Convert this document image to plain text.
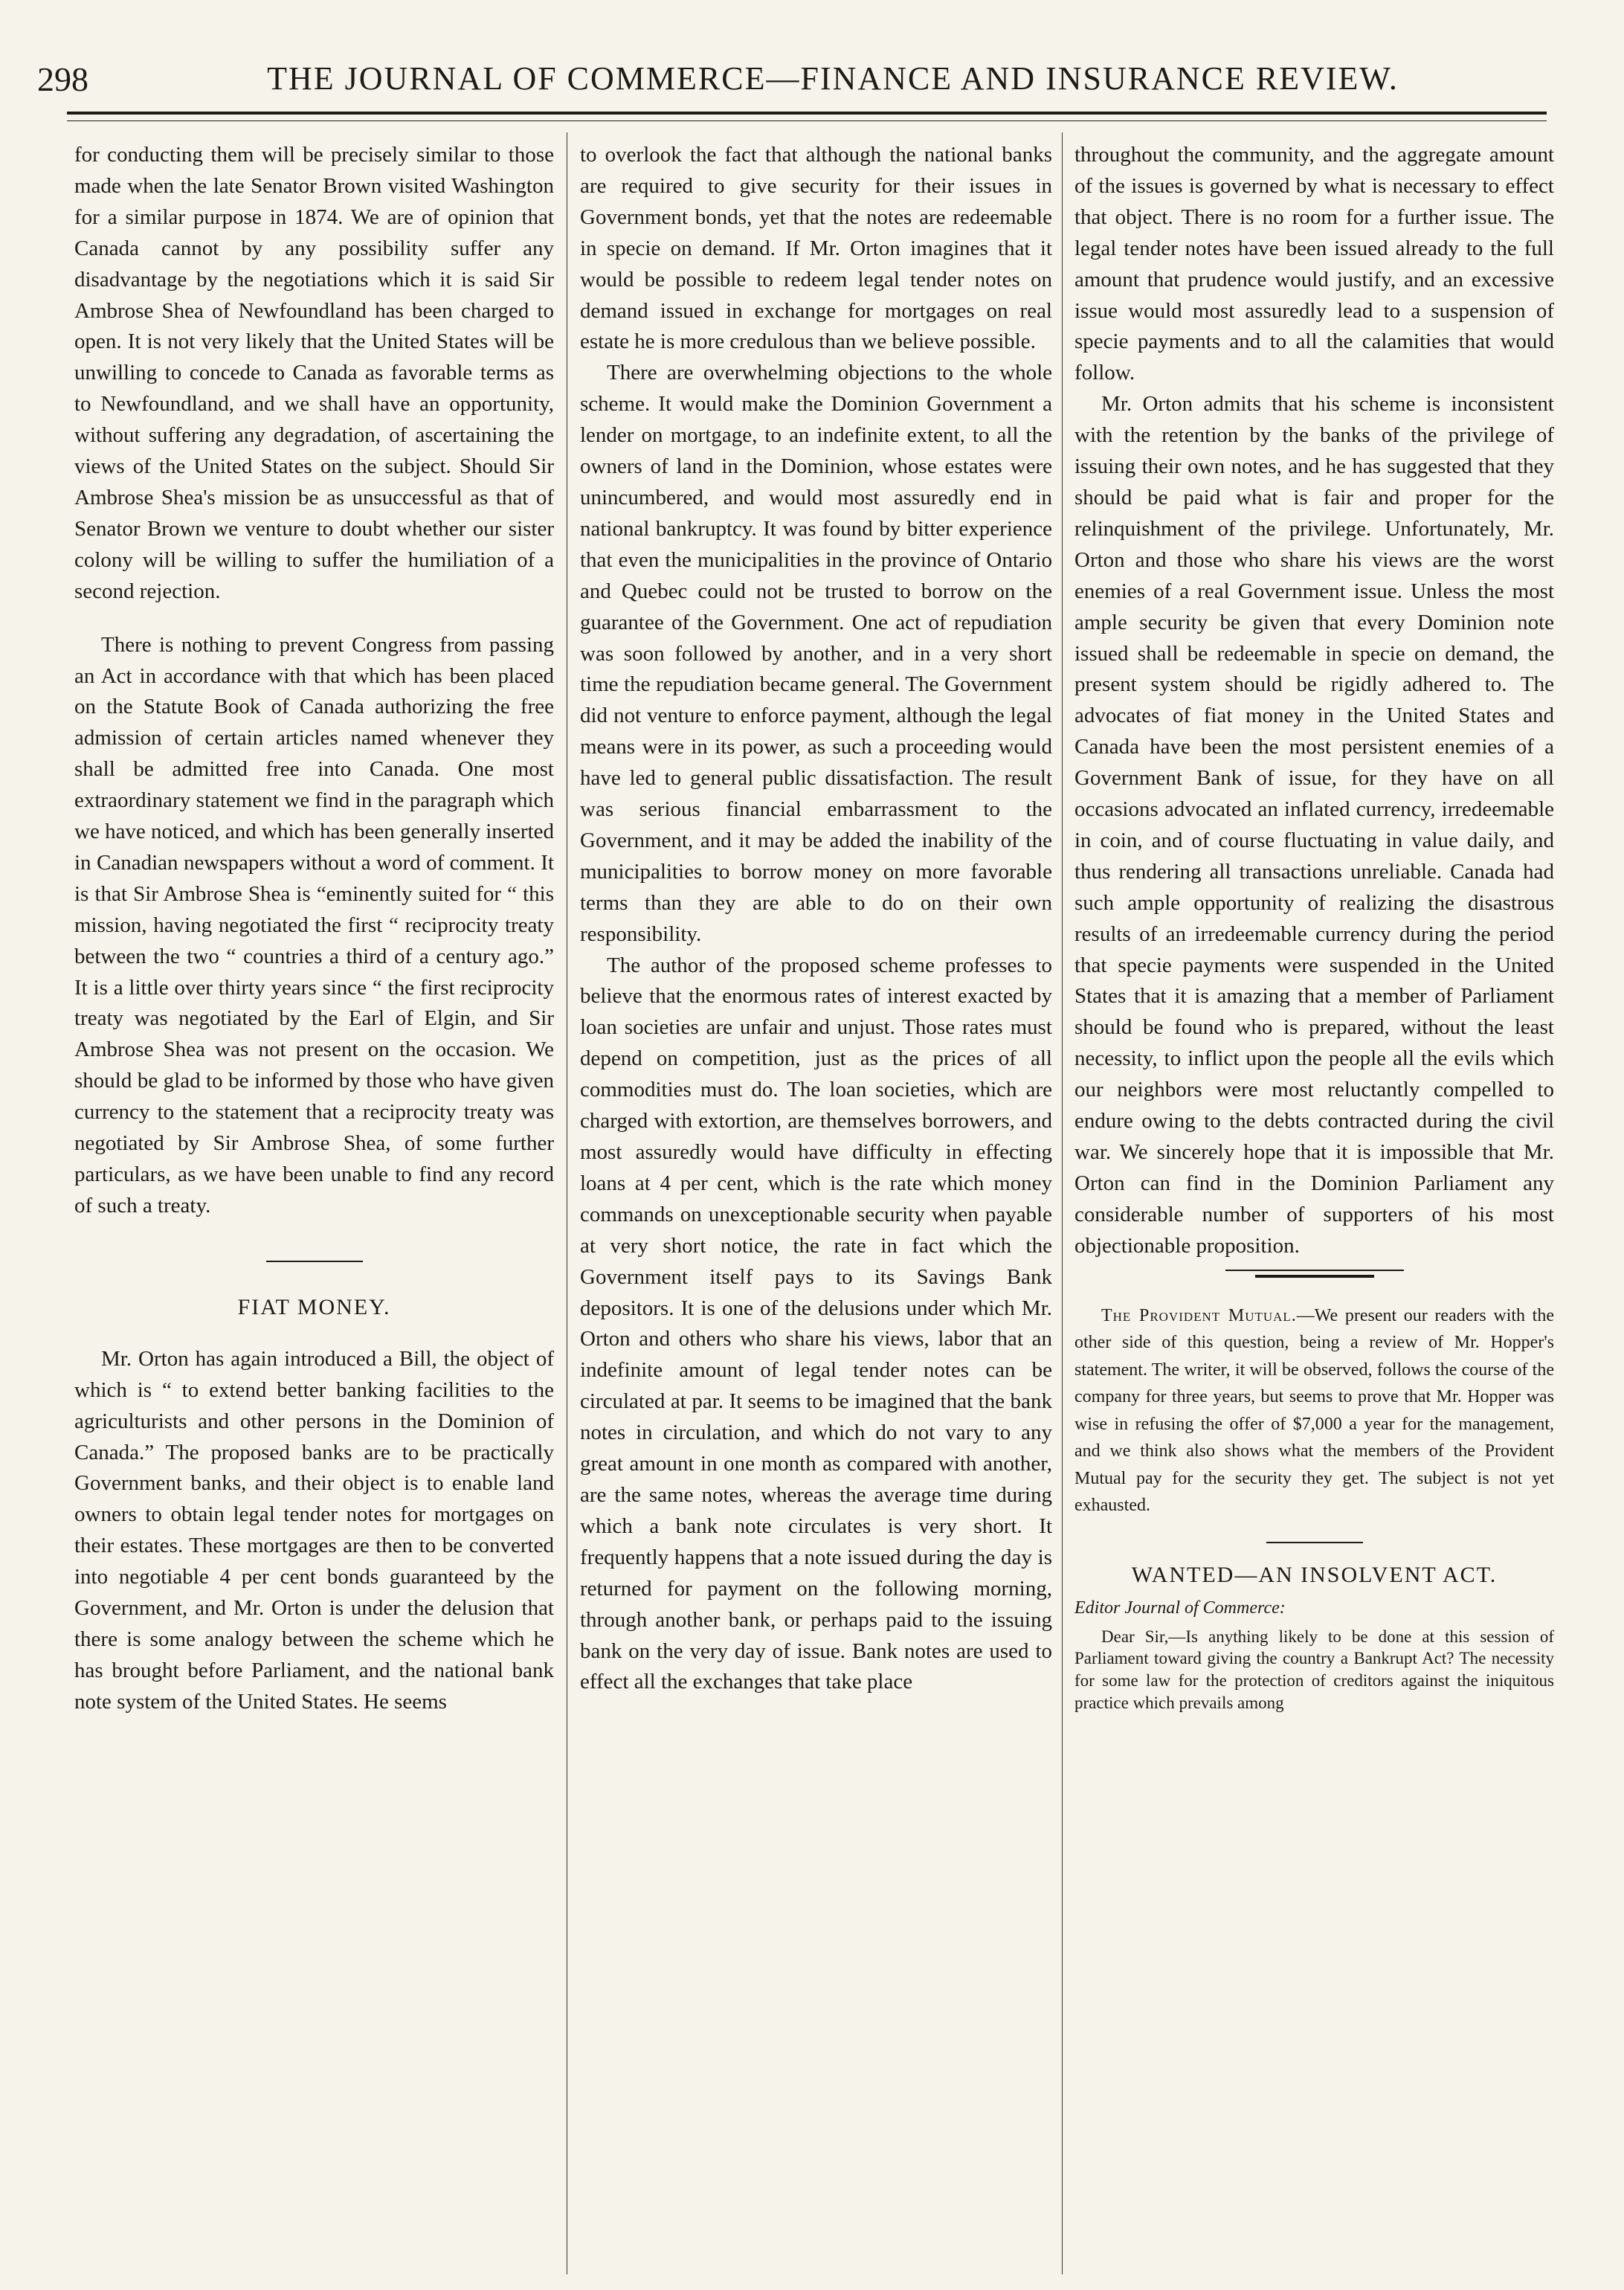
298	THE JOURNAL OF COMMERCE—FINANCE AND INSURANCE REVIEW.

for conducting them will be precisely similar to those made when the late Senator Brown visited Washington for a similar purpose in 1874. We are of opinion that Canada cannot by any possibility suffer any disadvantage by the negotiations which it is said Sir Ambrose Shea of Newfoundland has been charged to open. It is not very likely that the United States will be unwilling to concede to Canada as favorable terms as to Newfoundland, and we shall have an opportunity, without suffering any degradation, of ascertaining the views of the United States on the subject. Should Sir Ambrose Shea's mission be as unsuccessful as that of Senator Brown we venture to doubt whether our sister colony will be willing to suffer the humiliation of a second rejection.

There is nothing to prevent Congress from passing an Act in accordance with that which has been placed on the Statute Book of Canada authorizing the free admission of certain articles named whenever they shall be admitted free into Canada. One most extraordinary statement we find in the paragraph which we have noticed, and which has been generally inserted in Canadian newspapers without a word of comment. It is that Sir Ambrose Shea is “eminently suited for “ this mission, having negotiated the first “ reciprocity treaty between the two “ countries a third of a century ago.” It is a little over thirty years since “ the first reciprocity treaty was negotiated by the Earl of Elgin, and Sir Ambrose Shea was not present on the occasion. We should be glad to be informed by those who have given currency to the statement that a reciprocity treaty was negotiated by Sir Ambrose Shea, of some further particulars, as we have been unable to find any record of such a treaty.

FIAT MONEY.

Mr. Orton has again introduced a Bill, the object of which is “ to extend better banking facilities to the agriculturists and other persons in the Dominion of Canada.” The proposed banks are to be practically Government banks, and their object is to enable land owners to obtain legal tender notes for mortgages on their estates. These mortgages are then to be converted into negotiable 4 per cent bonds guaranteed by the Government, and Mr. Orton is under the delusion that there is some analogy between the scheme which he has brought before Parliament, and the national bank note system of the United States. He seems

to overlook the fact that although the national banks are required to give security for their issues in Government bonds, yet that the notes are redeemable in specie on demand. If Mr. Orton imagines that it would be possible to redeem legal tender notes on demand issued in exchange for mortgages on real estate he is more credulous than we believe possible.

There are overwhelming objections to the whole scheme. It would make the Dominion Government a lender on mortgage, to an indefinite extent, to all the owners of land in the Dominion, whose estates were unincumbered, and would most assuredly end in national bankruptcy. It was found by bitter experience that even the municipalities in the province of Ontario and Quebec could not be trusted to borrow on the guarantee of the Government. One act of repudiation was soon followed by another, and in a very short time the repudiation became general. The Government did not venture to enforce payment, although the legal means were in its power, as such a proceeding would have led to general public dissatisfaction. The result was serious financial embarrassment to the Government, and it may be added the inability of the municipalities to borrow money on more favorable terms than they are able to do on their own responsibility.

The author of the proposed scheme professes to believe that the enormous rates of interest exacted by loan societies are unfair and unjust. Those rates must depend on competition, just as the prices of all commodities must do. The loan societies, which are charged with extortion, are themselves borrowers, and most assuredly would have difficulty in effecting loans at 4 per cent, which is the rate which money commands on unexceptionable security when payable at very short notice, the rate in fact which the Government itself pays to its Savings Bank depositors. It is one of the delusions under which Mr. Orton and others who share his views, labor that an indefinite amount of legal tender notes can be circulated at par. It seems to be imagined that the bank notes in circulation, and which do not vary to any great amount in one month as compared with another, are the same notes, whereas the average time during which a bank note circulates is very short. It frequently happens that a note issued during the day is returned for payment on the following morning, through another bank, or perhaps paid to the issuing bank on the very day of issue. Bank notes are used to effect all the exchanges that take place

throughout the community, and the aggregate amount of the issues is governed by what is necessary to effect that object. There is no room for a further issue. The legal tender notes have been issued already to the full amount that prudence would justify, and an excessive issue would most assuredly lead to a suspension of specie payments and to all the calamities that would follow.

Mr. Orton admits that his scheme is inconsistent with the retention by the banks of the privilege of issuing their own notes, and he has suggested that they should be paid what is fair and proper for the relinquishment of the privilege. Unfortunately, Mr. Orton and those who share his views are the worst enemies of a real Government issue. Unless the most ample security be given that every Dominion note issued shall be redeemable in specie on demand, the present system should be rigidly adhered to. The advocates of fiat money in the United States and Canada have been the most persistent enemies of a Government Bank of issue, for they have on all occasions advocated an inflated currency, irredeemable in coin, and of course fluctuating in value daily, and thus rendering all transactions unreliable. Canada had such ample opportunity of realizing the disastrous results of an irredeemable currency during the period that specie payments were suspended in the United States that it is amazing that a member of Parliament should be found who is prepared, without the least necessity, to inflict upon the people all the evils which our neighbors were most reluctantly compelled to endure owing to the debts contracted during the civil war. We sincerely hope that it is impossible that Mr. Orton can find in the Dominion Parliament any considerable number of supporters of his most objectionable proposition.

The Provident Mutual.—We present our readers with the other side of this question, being a review of Mr. Hopper's statement. The writer, it will be observed, follows the course of the company for three years, but seems to prove that Mr. Hopper was wise in refusing the offer of $7,000 a year for the management, and we think also shows what the members of the Provident Mutual pay for the security they get. The subject is not yet exhausted.

WANTED—AN INSOLVENT ACT.
Editor Journal of Commerce:

Dear Sir,—Is anything likely to be done at this session of Parliament toward giving the country a Bankrupt Act? The necessity for some law for the protection of creditors against the iniquitous practice which prevails among
